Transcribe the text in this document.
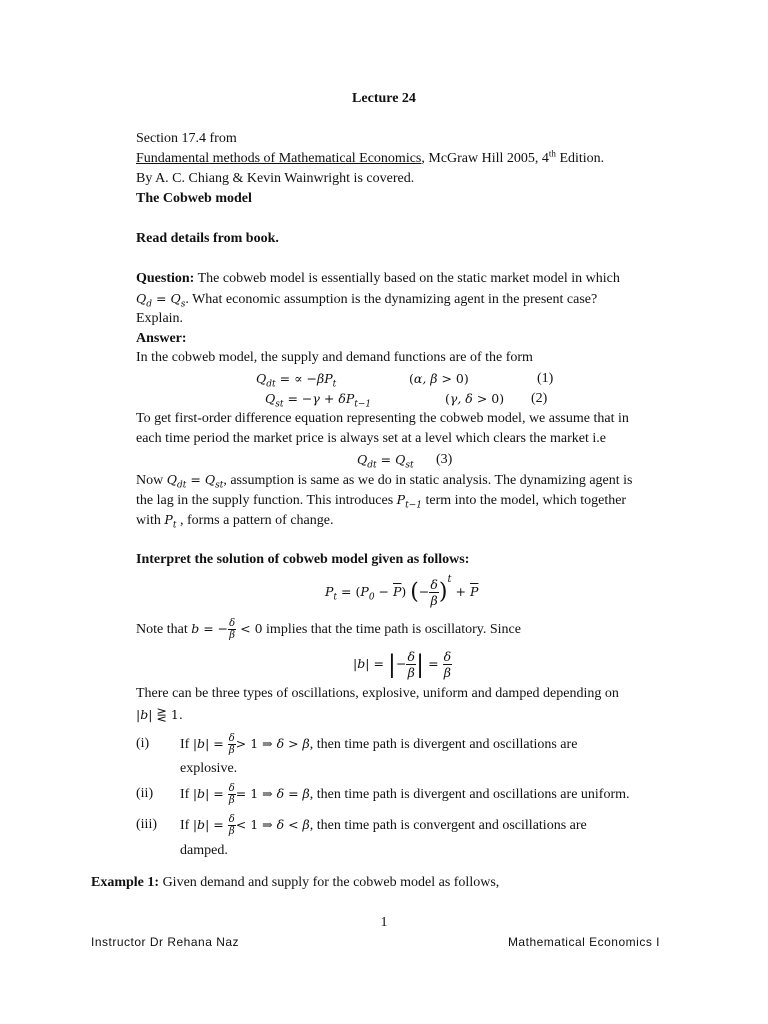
Lecture 24
Section 17.4 from
Fundamental methods of Mathematical Economics, McGraw Hill 2005, 4th Edition.
By A. C. Chiang & Kevin Wainwright is covered.
The Cobweb model
Read details from book.
Question: The cobweb model is essentially based on the static market model in which
$Q_d = Q_s$. What economic assumption is the dynamizing agent in the present case?
Explain.
Answer:
In the cobweb model, the supply and demand functions are of the form
$Q_{dt}$ = ∝ $-\beta P_t$	(α, β > 0)	(1)
$Q_{st} = -\gamma + \delta P_{t-1}$	(γ, δ > 0) (2)
To get first-order difference equation representing the cobweb model, we assume that in
each time period the market price is always set at a level which clears the market i.e
$Q_{dt} = Q_{st}$ (3)
Now $Q_{dt} = Q_{st}$, assumption is same as we do in static analysis. The dynamizing agent is
the lag in the supply function. This introduces $P_{t-1}$ term into the model, which together
with $P_t$ , forms a pattern of change.
Interpret the solution of cobweb model given as follows:
$P_t = (P_0 - \overline{P})$ (− $\frac{\delta}{\beta} )^t + \overline{P}$
Note that b = − $\frac{\delta}{\beta} < 0$ implies that the time path is oscillatory. Since
|b| = |− $\frac{\delta}{\beta}$ | = $\frac{\delta}{\beta}$
There can be three types of oscillations, explosive, uniform and damped depending on
|b| ⋛ 1.
(i) If $|b| = \frac{\delta}{\beta} > 1$ ⇒ δ > β, then time path is divergent and oscillations are
explosive.
(ii) If $|b| = \frac{\delta}{\beta} = 1$ ⇒ δ = β, then time path is divergent and oscillations are uniform.
(iii) If $|b| = \frac{\delta}{\beta} < 1$ ⇒ δ < β, then time path is convergent and oscillations are
damped.
Example 1: Given demand and supply for the cobweb model as follows,
1
Instructor Dr Rehana Naz	Mathematical Economics I
